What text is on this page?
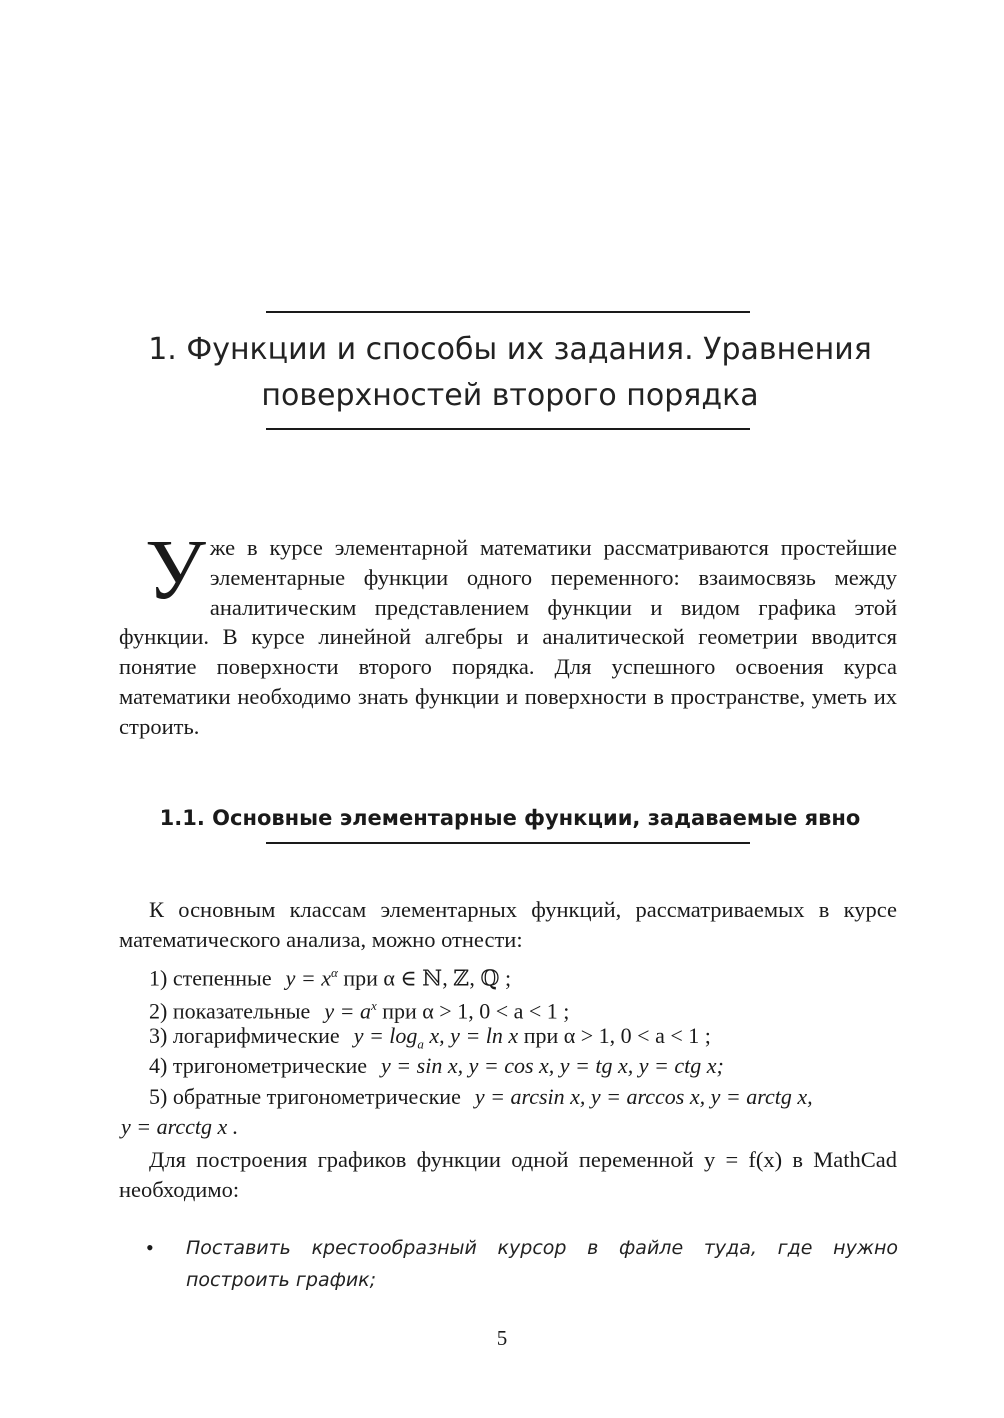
1. Функции и способы их задания. Уравнения
поверхностей второго порядка

Уже в курсе элементарной математики рассматриваются простейшие элементарные функции одного переменного: взаимосвязь между аналитическим представлением функции и видом графика этой функции. В курсе линейной алгебры и аналитической геометрии вводится понятие поверхности второго порядка. Для успешного освоения курса математики необходимо знать функции и поверхности в пространстве, уметь их строить.

1.1. Основные элементарные функции, задаваемые явно

К основным классам элементарных функций, рассматриваемых в курсе математического анализа, можно отнести:

1) степенные $y = x^\alpha$ при α ∈ ℕ, ℤ, ℚ ;

2) показательные $y = a^x$ при α > 1, 0 < a < 1 ;

3) логарифмические $y = \log_a x$, y = ln x при α > 1, 0 < a < 1 ;

4) тригонометрические y = sin x, y = cos x, y = tg x, y = ctg x;

5) обратные тригонометрические y = arcsin x, y = arccos x, y = arctg x,

y = arcctg x .

Для построения графиков функции одной переменной y = f(x) в MathCad необходимо:

• Поставить крестообразный курсор в файле туда, где нужно построить график;

5
